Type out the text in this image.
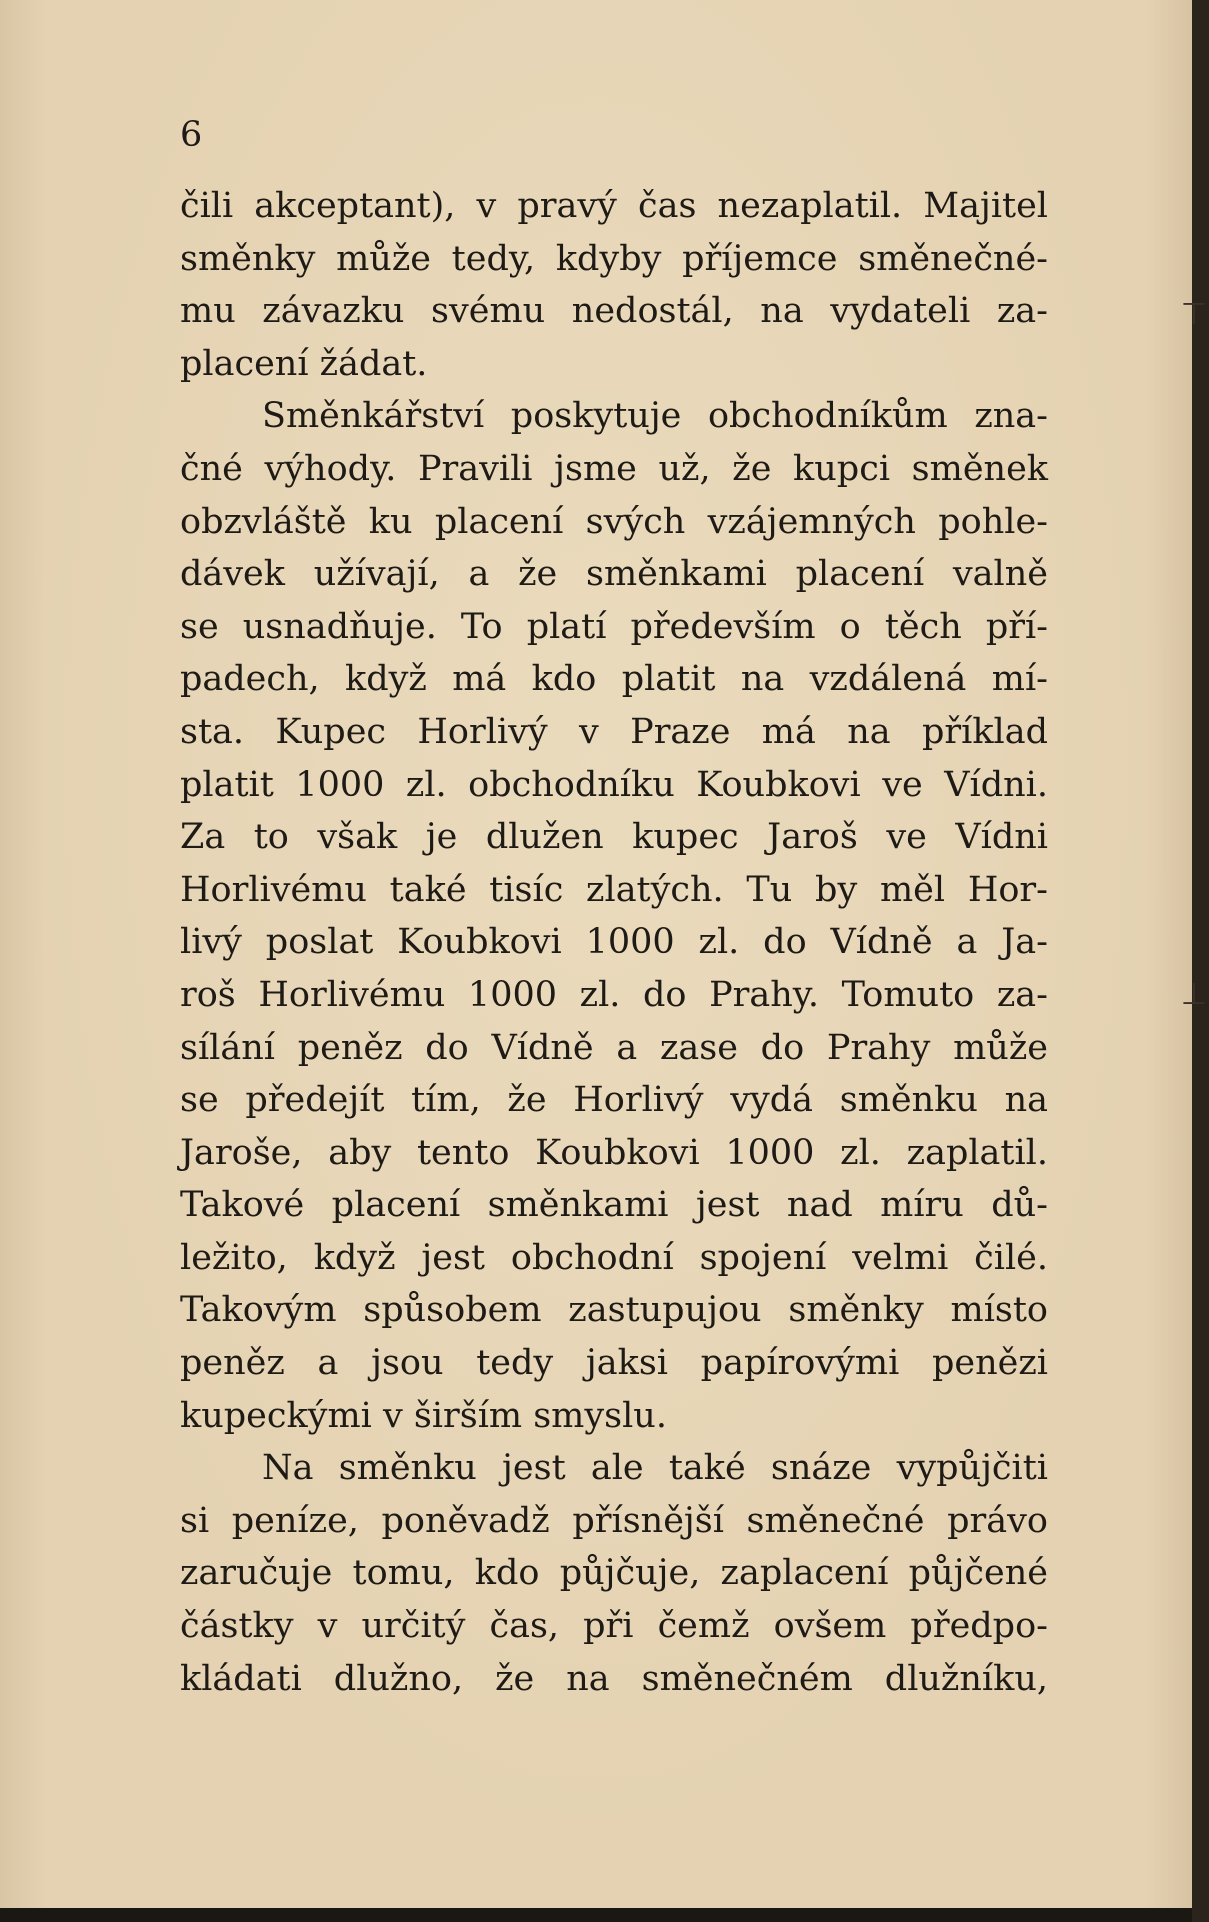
6
čili akceptant), v pravý čas nezaplatil. Majitel
směnky může tedy, kdyby příjemce směnečné-
mu závazku svému nedostál, na vydateli za-
placení žádat.
Směnkářství poskytuje obchodníkům zna-
čné výhody. Pravili jsme už, že kupci směnek
obzvláště ku placení svých vzájemných pohle-
dávek užívají, a že směnkami placení valně
se usnadňuje. To platí především o těch pří-
padech, když má kdo platit na vzdálená mí-
sta. Kupec Horlivý v Praze má na příklad
platit 1000 zl. obchodníku Koubkovi ve Vídni.
Za to však je dlužen kupec Jaroš ve Vídni
Horlivému také tisíc zlatých. Tu by měl Hor-
livý poslat Koubkovi 1000 zl. do Vídně a Ja-
roš Horlivému 1000 zl. do Prahy. Tomuto za-
sílání peněz do Vídně a zase do Prahy může
se předejít tím, že Horlivý vydá směnku na
Jaroše, aby tento Koubkovi 1000 zl. zaplatil.
Takové placení směnkami jest nad míru dů-
ležito, když jest obchodní spojení velmi čilé.
Takovým spůsobem zastupujou směnky místo
peněz a jsou tedy jaksi papírovými penězi
kupeckými v širším smyslu.
Na směnku jest ale také snáze vypůjčiti
si peníze, poněvadž přísnější směnečné právo
zaručuje tomu, kdo půjčuje, zaplacení půjčené
částky v určitý čas, při čemž ovšem předpo-
kládati dlužno, že na směnečném dlužníku,
⊤
⊥
